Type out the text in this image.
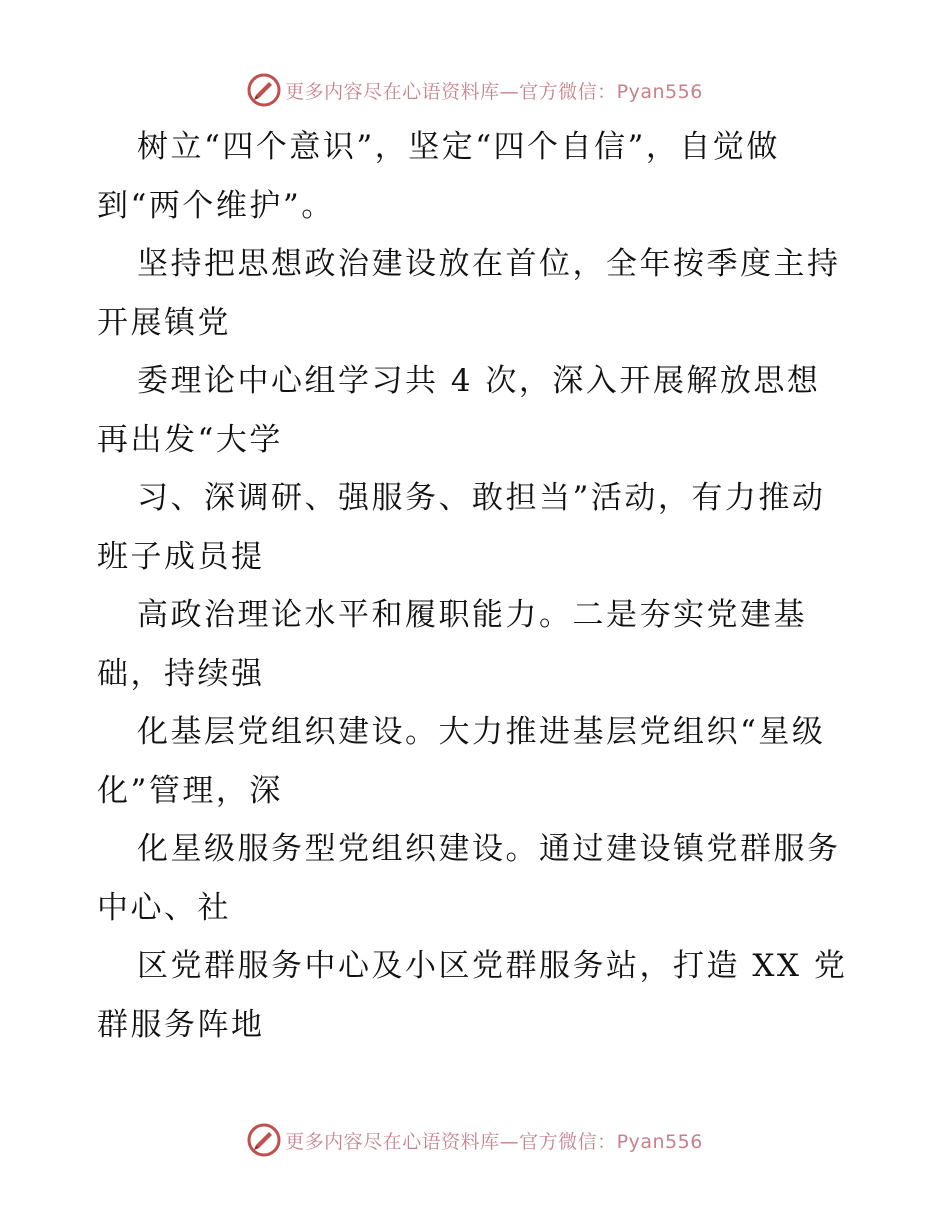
更多内容尽在心语资料库—官方微信：Pyan556

树立“四个意识”，坚定“四个自信”，自觉做
到“两个维护”。

坚持把思想政治建设放在首位，全年按季度主持
开展镇党

委理论中心组学习共 4 次，深入开展解放思想
再出发“大学

习、深调研、强服务、敢担当”活动，有力推动
班子成员提

高政治理论水平和履职能力。二是夯实党建基
础，持续强

化基层党组织建设。大力推进基层党组织“星级
化”管理，深

化星级服务型党组织建设。通过建设镇党群服务
中心、社

区党群服务中心及小区党群服务站，打造 XX 党
群服务阵地

更多内容尽在心语资料库—官方微信：Pyan556
